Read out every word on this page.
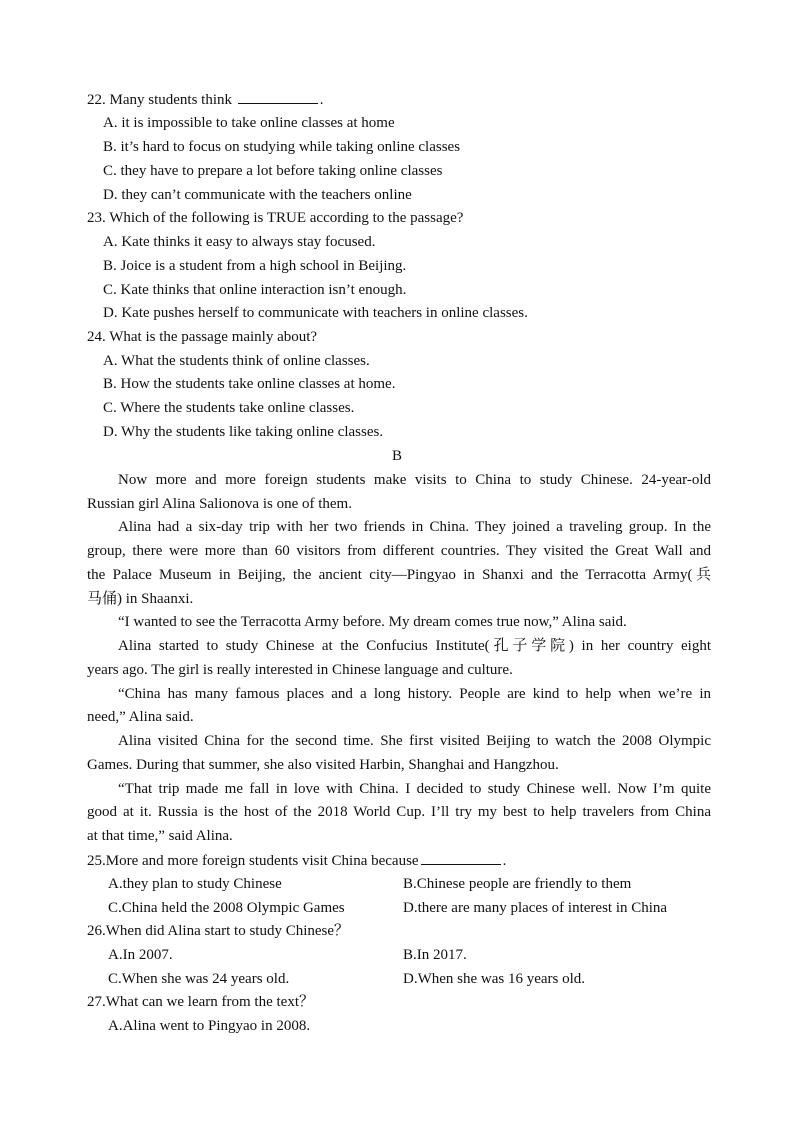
22. Many students think	.
A. it is impossible to take online classes at home
B. it’s hard to focus on studying while taking online classes
C. they have to prepare a lot before taking online classes
D. they can’t communicate with the teachers online
23. Which of the following is TRUE according to the passage?
A. Kate thinks it easy to always stay focused.
B. Joice is a student from a high school in Beijing.
C. Kate thinks that online interaction isn’t enough.
D. Kate pushes herself to communicate with teachers in online classes.
24. What is the passage mainly about?
A. What the students think of online classes.
B. How the students take online classes at home.
C. Where the students take online classes.
D. Why the students like taking online classes.
B
Now more and more foreign students make visits to China to study Chinese. 24-year-old
Russian girl Alina Salionova is one of them.
Alina had a six-day trip with her two friends in China. They joined a traveling group. In the
group, there were more than 60 visitors from different countries. They visited the Great Wall and
the Palace Museum in Beijing, the ancient city—Pingyao in Shanxi and the Terracotta Army(兵
马俑) in Shaanxi.
“I wanted to see the Terracotta Army before. My dream comes true now,” Alina said.
Alina started to study Chinese at the Confucius Institute(孔子学院) in her country eight
years ago. The girl is really interested in Chinese language and culture.
“China has many famous places and a long history. People are kind to help when we’re in
need,” Alina said.
Alina visited China for the second time. She first visited Beijing to watch the 2008 Olympic
Games. During that summer, she also visited Harbin, Shanghai and Hangzhou.
“That trip made me fall in love with China. I decided to study Chinese well. Now I’m quite
good at it. Russia is the host of the 2018 World Cup. I’ll try my best to help travelers from China
at that time,” said Alina.
25.More and more foreign students visit China because	.
A.they plan to study Chinese	B.Chinese people are friendly to them
C.China held the 2008 Olympic Games	D.there are many places of interest in China
26.When did Alina start to study Chinese？
A.In 2007.	B.In 2017.
C.When she was 24 years old.	D.When she was 16 years old.
27.What can we learn from the text？
A.Alina went to Pingyao in 2008.
